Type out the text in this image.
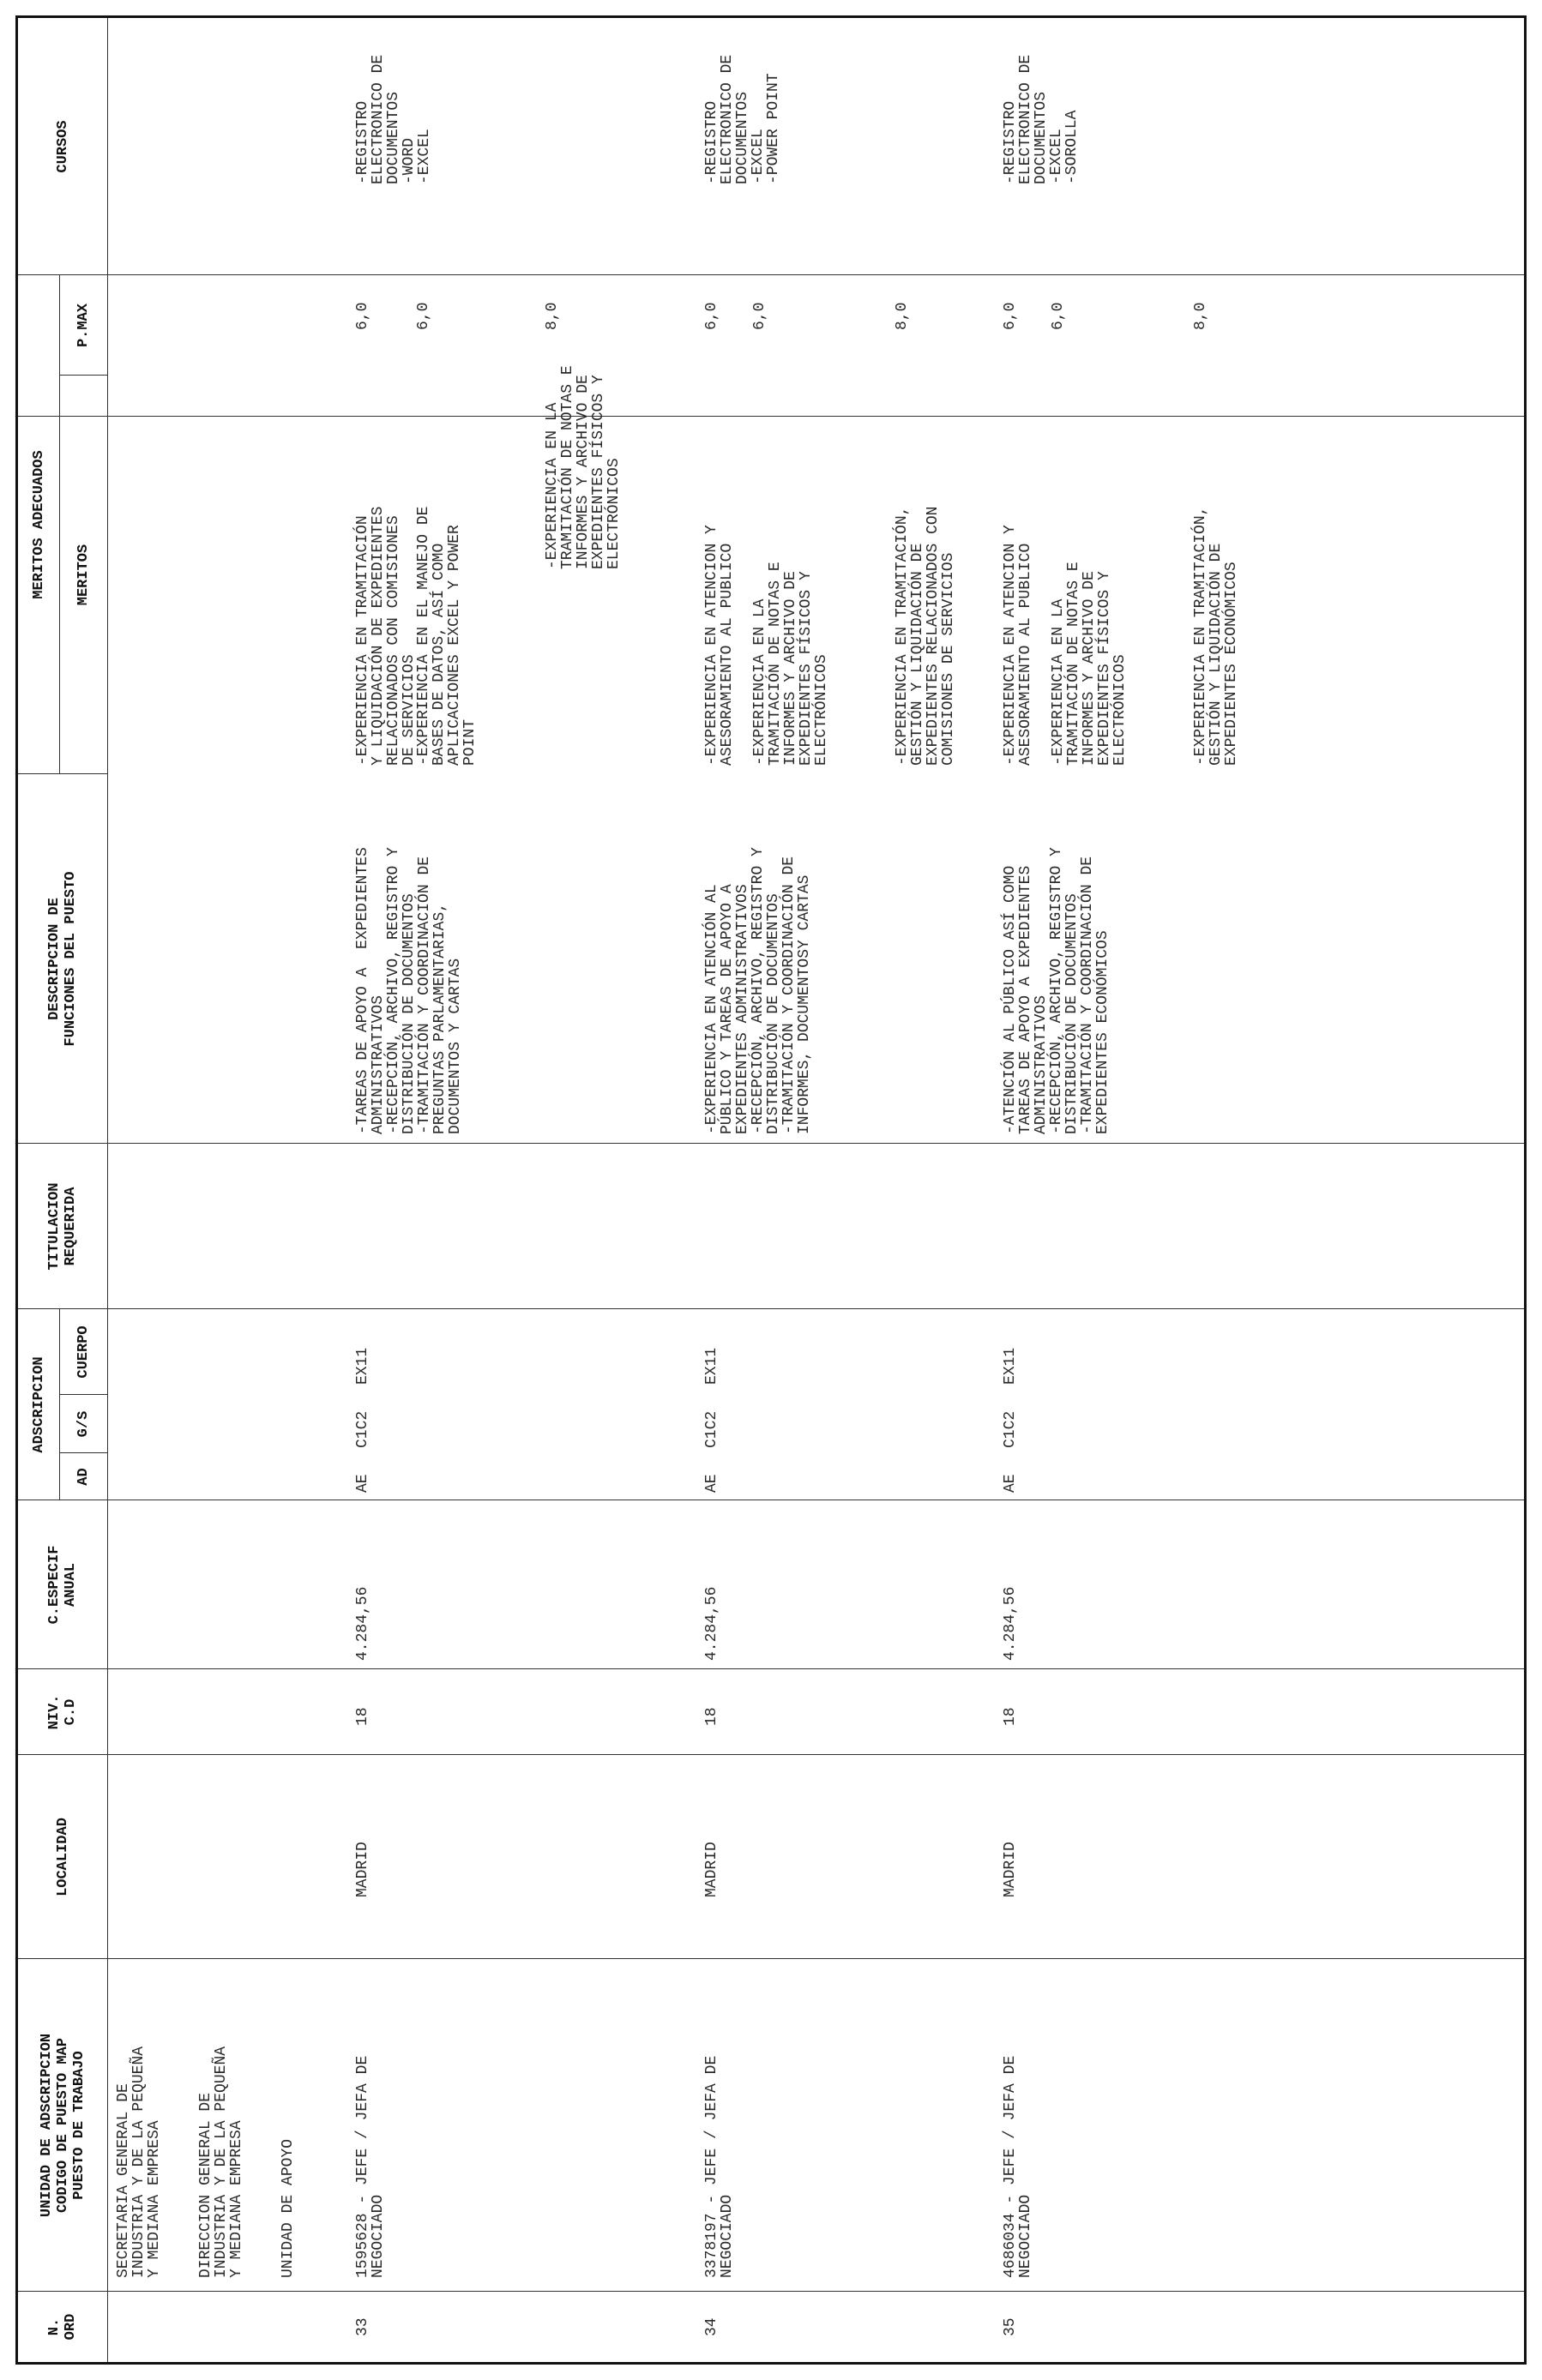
N.
ORD
UNIDAD DE ADSCRIPCION
CODIGO DE PUESTO MAP
PUESTO DE TRABAJO
LOCALIDAD
NIV.
C.D
C.ESPECIF
ANUAL
ADSCRIPCION
AD
G/S
CUERPO
TITULACION
REQUERIDA
DESCRIPCION DE
FUNCIONES DEL PUESTO
MERITOS ADECUADOS	MERITOS
P.MAX
CURSOS
SECRETARIA GENERAL DE
INDUSTRIA Y DE LA PEQUEÑA
Y MEDIANA EMPRESA
DIRECCION GENERAL DE
INDUSTRIA Y DE LA PEQUEÑA
Y MEDIANA EMPRESA UNIDAD DE APOYO
33
1595628 - JEFE / JEFA DE
NEGOCIADO
MADRID
18
4.284,56
AE
C1C2
EX11
-TAREAS DE APOYO A  EXPEDIENTES
ADMINISTRATIVOS
-RECEPCIÓN, ARCHIVO, REGISTRO Y
DISTRIBUCIÓN DE DOCUMENTOS
-TRAMITACIÓN Y COORDINACIÓN DE
PREGUNTAS PARLAMENTARIAS,
DOCUMENTOS Y CARTAS
-EXPERIENCIA EN TRAMITACIÓN
Y LIQUIDACIÓN DE EXPEDIENTES
RELACIONADOS CON COMISIONES
DE SERVICIOS
6,0
-EXPERIENCIA EN EL MANEJO DE
BASES DE DATOS, ASÍ COMO
APLICACIONES EXCEL Y POWER
POINT
6,0
-EXPERIENCIA EN LA
TRAMITACIÓN DE NOTAS E
INFORMES Y ARCHIVO DE
EXPEDIENTES FÍSICOS Y
ELECTRÓNICOS
8,0
-REGISTRO
ELECTRONICO DE
DOCUMENTOS
-WORD
-EXCEL
34
3378197 - JEFE / JEFA DE
NEGOCIADO
MADRID
18
4.284,56
AE
C1C2
EX11
-EXPERIENCIA EN ATENCIÓN AL
PÚBLICO Y TAREAS DE APOYO A
EXPEDIENTES ADMINISTRATIVOS
-RECEPCIÓN, ARCHIVO, REGISTRO Y
DISTRIBUCIÓN DE DOCUMENTOS
-TRAMITACIÓN Y COORDINACIÓN DE
INFORMES, DOCUMENTOSY CARTAS
-EXPERIENCIA EN ATENCION Y
ASESORAMIENTO AL PUBLICO
6,0
-EXPERIENCIA EN LA
TRAMITACIÓN DE NOTAS E
INFORMES Y ARCHIVO DE
EXPEDIENTES FÍSICOS Y
ELECTRÓNICOS
6,0
-EXPERIENCIA EN TRAMITACIÓN,
GESTIÓN Y LIQUIDACIÓN DE
EXPEDIENTES RELACIONADOS CON
COMISIONES DE SERVICIOS
8,0
-REGISTRO
ELECTRONICO DE
DOCUMENTOS
-EXCEL
-POWER POINT
35
4686034 - JEFE / JEFA DE
NEGOCIADO
MADRID
18
4.284,56
AE
C1C2
EX11
-ATENCIÓN AL PÚBLICO ASÍ COMO
TAREAS DE APOYO A EXPEDIENTES
ADMINISTRATIVOS
-RECEPCIÓN, ARCHIVO, REGISTRO Y
DISTRIBUCIÓN DE DOCUMENTOS
-TRAMITACIÓN Y COORDINACIÓN DE
EXPEDIENTES ECONÓMICOS
-EXPERIENCIA EN ATENCION Y
ASESORAMIENTO AL PUBLICO
6,0
-EXPERIENCIA EN LA
TRAMITACIÓN DE NOTAS E
INFORMES Y ARCHIVO DE
EXPEDIENTES FÍSICOS Y
ELECTRÓNICOS
6,0
-EXPERIENCIA EN TRAMITACIÓN,
GESTIÓN Y LIQUIDACIÓN DE
EXPEDIENTES ECONÓMICOS
8,0
-REGISTRO
ELECTRONICO DE
DOCUMENTOS
-EXCEL
-SOROLLA
